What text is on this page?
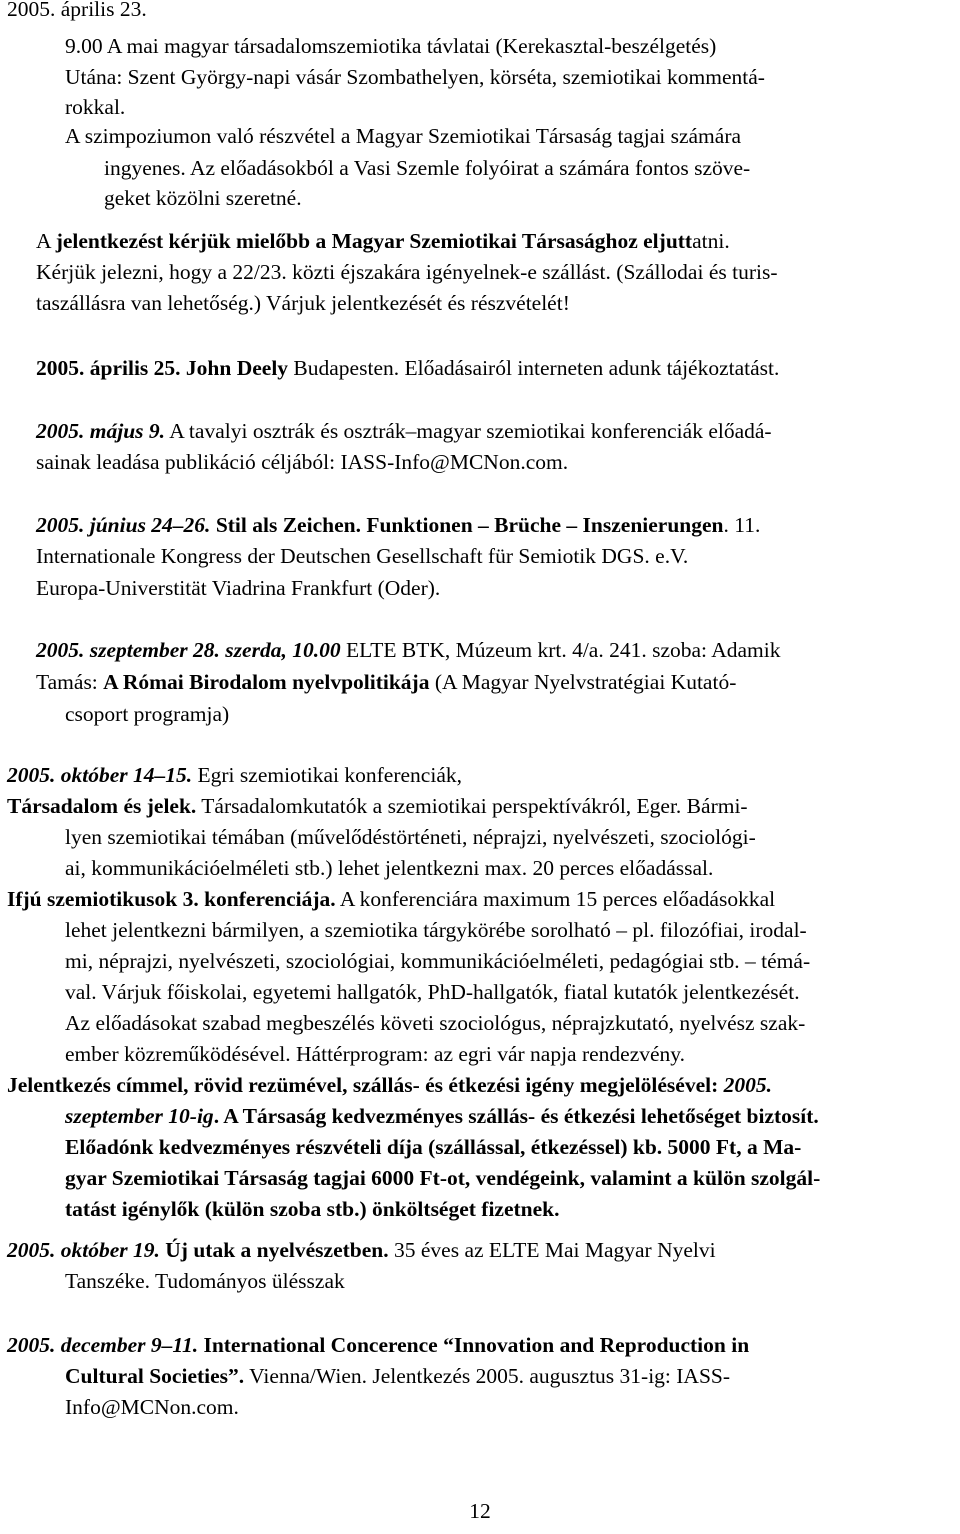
2005. április 23.
9.00 A mai magyar társadalomszemiotika távlatai (Kerekasztal-beszélgetés)
Utána: Szent György-napi vásár Szombathelyen, körséta, szemiotikai kommentá-
rokkal.
A szimpoziumon való részvétel a Magyar Szemiotikai Társaság tagjai számára
ingyenes. Az előadásokból a Vasi Szemle folyóirat a számára fontos szöve-
geket közölni szeretné.
A jelentkezést kérjük mielőbb a Magyar Szemiotikai Társasághoz eljuttatni.
Kérjük jelezni, hogy a 22/23. közti éjszakára igényelnek-e szállást. (Szállodai és turis-
taszállásra van lehetőség.) Várjuk jelentkezését és részvételét!
2005. április 25. John Deely Budapesten. Előadásairól interneten adunk tájékoztatást.
2005. május 9. A tavalyi osztrák és osztrák–magyar szemiotikai konferenciák előadá-
sainak leadása publikáció céljából: IASS-Info@MCNon.com.
2005. június 24–26. Stil als Zeichen. Funktionen – Brüche – Inszenierungen. 11.
Internationale Kongress der Deutschen Gesellschaft für Semiotik DGS. e.V.
Europa-Universtität Viadrina Frankfurt (Oder).
2005. szeptember 28. szerda, 10.00 ELTE BTK, Múzeum krt. 4/a. 241. szoba: Adamik
Tamás: A Római Birodalom nyelvpolitikája (A Magyar Nyelvstratégiai Kutató-
csoport programja)
2005. október 14–15. Egri szemiotikai konferenciák,
Társadalom és jelek. Társadalomkutatók a szemiotikai perspektívákról, Eger. Bármi-
lyen szemiotikai témában (művelődéstörténeti, néprajzi, nyelvészeti, szociológi-
ai, kommunikációelméleti stb.) lehet jelentkezni max. 20 perces előadással.
Ifjú szemiotikusok 3. konferenciája. A konferenciára maximum 15 perces előadásokkal
lehet jelentkezni bármilyen, a szemiotika tárgykörébe sorolható – pl. filozófiai, irodal-
mi, néprajzi, nyelvészeti, szociológiai, kommunikációelméleti, pedagógiai stb. – témá-
val. Várjuk főiskolai, egyetemi hallgatók, PhD-hallgatók, fiatal kutatók jelentkezését.
Az előadásokat szabad megbeszélés követi szociológus, néprajzkutató, nyelvész szak-
ember közreműködésével. Háttérprogram: az egri vár napja rendezvény.
Jelentkezés címmel, rövid rezümével, szállás- és étkezési igény megjelölésével: 2005.
szeptember 10-ig. A Társaság kedvezményes szállás- és étkezési lehetőséget biztosít.
Előadónk kedvezményes részvételi díja (szállással, étkezéssel) kb. 5000 Ft, a Ma-
gyar Szemiotikai Társaság tagjai 6000 Ft-ot, vendégeink, valamint a külön szolgál-
tatást igénylők (külön szoba stb.) önköltséget fizetnek.
2005. október 19. Új utak a nyelvészetben. 35 éves az ELTE Mai Magyar Nyelvi
Tanszéke. Tudományos ülésszak
2005. december 9–11. International Concerence “Innovation and Reproduction in
Cultural Societies”. Vienna/Wien. Jelentkezés 2005. augusztus 31-ig: IASS-
Info@MCNon.com.
12
